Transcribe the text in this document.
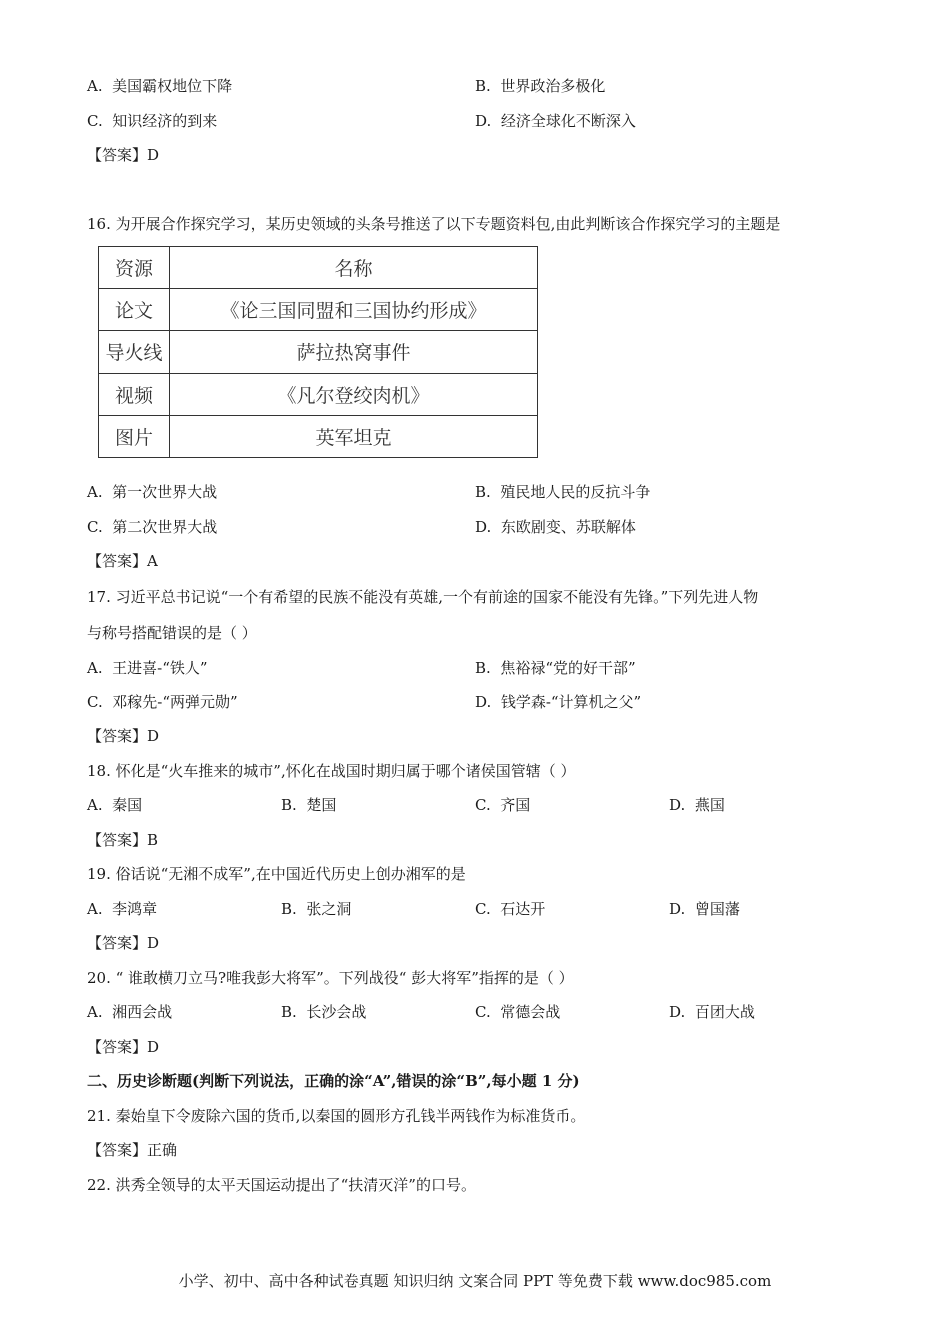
A. 美国霸权地位下降	B. 世界政治多极化
C. 知识经济的到来	D. 经济全球化不断深入
【答案】D
16. 为开展合作探究学习，某历史领域的头条号推送了以下专题资料包,由此判断该合作探究学习的主题是
资源	名称
论文	《论三国同盟和三国协约形成》
导火线	萨拉热窝事件
视频	《凡尔登绞肉机》
图片	英军坦克
A. 第一次世界大战	B. 殖民地人民的反抗斗争
C. 第二次世界大战	D. 东欧剧变、苏联解体
【答案】A
17. 习近平总书记说“一个有希望的民族不能没有英雄,一个有前途的国家不能没有先锋。”下列先进人物
与称号搭配错误的是（ ）
A. 王进喜-“铁人”	B. 焦裕禄“党的好干部”
C. 邓稼先-“两弹元勋”	D. 钱学森-“计算机之父”
【答案】D
18. 怀化是“火车推来的城市”,怀化在战国时期归属于哪个诸侯国管辖（ ）
A. 秦国	B. 楚国	C. 齐国	D. 燕国
【答案】B
19. 俗话说“无湘不成军”,在中国近代历史上创办湘军的是
A. 李鸿章	B. 张之洞	C. 石达开	D. 曾国藩
【答案】D
20. “ 谁敢横刀立马?唯我彭大将军”。下列战役“ 彭大将军”指挥的是（ ）
A. 湘西会战	B. 长沙会战	C. 常德会战	D. 百团大战
【答案】D
二、历史诊断题(判断下列说法，正确的涂“A”,错误的涂“B”,每小题 1 分)
21. 秦始皇下令废除六国的货币,以秦国的圆形方孔钱半两钱作为标准货币。
【答案】正确
22. 洪秀全领导的太平天国运动提出了“扶清灭洋”的口号。
小学、初中、高中各种试卷真题 知识归纳 文案合同 PPT 等免费下载 www.doc985.com
